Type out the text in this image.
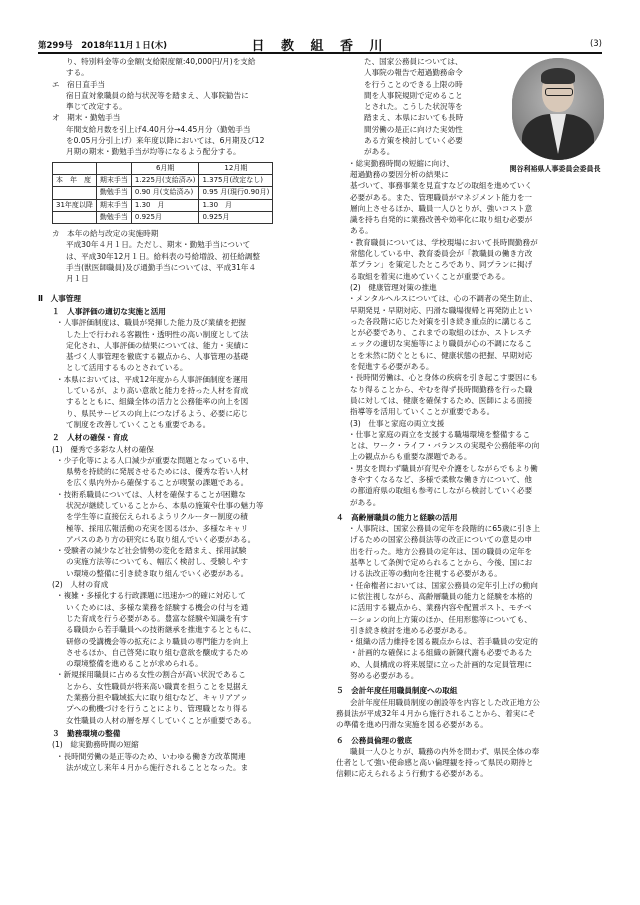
第299号　2018年11月１日(木)	日 教 組 香 川	(3)
り、特別料金等の金額(支給限度額:40,000円/月)を支給
する。
エ　宿日直手当
宿日直対象職員の給与状況等を踏まえ、人事院勧告に
準じて改定する。
オ　期末・勤勉手当
年間支給月数を引上げ4.40月分→4.45月分（勤勉手当
を0.05月分引上げ）来年度以降においては、6月期及び12
月期の期末・勤勉手当が均等になるよう配分する。
		6月期	12月期
本　年　度	期末手当	1.225月(支給済み)	1.375月(改定なし)
	勤勉手当	0.90 月(支給済み)	0.95 月(現行0.90月)
31年度以降	期末手当	1.30　月	1.30　月
	勤勉手当	0.925月	0.925月
カ　本年の給与改定の実施時期
平成30年４月１日。ただし、期末・勤勉手当について
は、平成30年12月１日。給料表の号給増設、初任給調整
手当(獣医師職員)及び通勤手当については、平成31年４
月１日
Ⅱ　人事管理
１　人事評価の適切な実施と活用
・人事評価制度は、職員が発揮した能力及び業績を把握
した上で行われる客観性・透明性の高い制度として法
定化され、人事評価の結果については、能力・実績に
基づく人事管理を徹底する観点から、人事管理の基礎
として活用するものとされている。
・本県においては、平成12年度から人事評価制度を運用
しているが、より高い意欲と能力を持った人材を育成
するとともに、組織全体の活力と公務能率の向上を図
り、県民サービスの向上につなげるよう、必要に応じ
て制度を改善していくことも重要である。
２　人材の確保・育成
(1)　優秀で多彩な人材の確保
・少子化等による人口減少が重要な問題となっている中、
県勢を持続的に発展させるためには、優秀な若い人材
を広く県内外から確保することが喫緊の課題である。
・技術系職員については、人材を確保することが困難な
状況が継続していることから、本県の施策や仕事の魅力等
を学生等に直接伝えられるようリクルーター制度の積
極等、採用広報活動の充実を図るほか、多様なキャリ
アパスのあり方の研究にも取り組んでいく必要がある。
・受験者の減少など社会情勢の変化を踏まえ、採用試験
の実施方法等についても、幅広く検討し、受験しやす
い環境の整備に引き続き取り組んでいく必要がある。
(2)　人材の育成
・複雑・多様化する行政課題に迅速かつ的確に対応して
いくためには、多様な業務を経験する機会の付与を通
じた育成を行う必要がある。豊富な経験や知識を有す
る職員から若手職員への技術継承を推進するとともに、
研修の受講機会等の拡充により職員の専門能力を向上
させるほか、自己啓発に取り組む意欲を醸成するため
の環境整備を進めることが求められる。
・新規採用職員に占める女性の割合が高い状況であるこ
とから、女性職員が将来高い職責を担うことを見据え
た業務分担や職域拡大に取り組むなど、キャリアアッ
プへの動機づけを行うことにより、管理職となり得る
女性職員の人材の層を厚くしていくことが重要である。
３　勤務環境の整備
(1)　総実勤務時間の短縮
・長時間労働の是正等のため、いわゆる働き方改革関連
法が成立し来年４月から施行されることとなった。ま
関谷利裕県人事委員会委員長
た、国家公務員については、
人事院の報告で超過勤務命令
を行うことのできる上限の時
間を人事院規則で定めること
とされた。こうした状況等を
踏まえ、本県においても長時
間労働の是正に向けた実効性
ある方策を検討していく必要
がある。
・総実勤務時間の短縮に向け、
超過勤務の要因分析の結果に
基づいて、事務事業を見直すなどの取組を進めていく
必要がある。また、管理職員がマネジメント能力を一
層向上させるほか、職員一人ひとりが、強いコスト意
識を持ち自発的に業務改善や効率化に取り組む必要が
ある。
・教育職員については、学校現場において長時間勤務が
常態化している中、教育委員会が「教職員の働き方改
革プラン」を策定したところであり、同プランに掲げ
る取組を着実に進めていくことが重要である。
(2)　健康管理対策の推進
・メンタルヘルスについては、心の不調者の発生防止、
早期発見・早期対応、円滑な職場復帰と再発防止とい
った各段階に応じた対策を引き続き重点的に講じるこ
とが必要であり、これまでの取組のほか、ストレスチ
ェックの適切な実施等により職員が心の不調になるこ
とを未然に防ぐとともに、健康状態の把握、早期対応
を促進する必要がある。
・長時間労働は、心と身体の疾病を引き起こす要因にも
なり得ることから、やむを得ず長時間勤務を行った職
員に対しては、健康を確保するため、医師による面接
指導等を活用していくことが重要である。
(3)　仕事と家庭の両立支援
・仕事と家庭の両立を支援する職場環境を整備するこ
とは、ワーク・ライフ・バランスの実現や公務能率の向
上の観点からも重要な課題である。
・男女を問わず職員が育児や介護をしながらでもより働
きやすくなるなど、多様で柔軟な働き方について、他
の都道府県の取組も参考にしながら検討していく必要
がある。
４　高齢層職員の能力と経験の活用
・人事院は、国家公務員の定年を段階的に65歳に引き上
げるための国家公務員法等の改正についての意見の申
出を行った。地方公務員の定年は、国の職員の定年を
基準として条例で定められることから、今後、国にお
ける法改正等の動向を注視する必要がある。
・任命権者においては、国家公務員の定年引上げの動向
に依注視しながら、高齢層職員の能力と経験を本格的
に活用する観点から、業務内容や配置ポスト、モチベ
ーションの向上方策のほか、任用形態等についても、
引き続き検討を進める必要がある。
・組織の活力維持を図る観点からは、若手職員の安定的
・計画的な確保による組織の新陳代謝も必要であるた
め、人員構成の将来展望に立った計画的な定員管理に
努める必要がある。
５　会計年度任用職員制度への取組
会計年度任用職員制度の創設等を内容とした改正地方公
務員法が平成32年４月から施行されることから、着実にそ
の準備を進め円滑な実施を図る必要がある。
６　公務員倫理の徹底
職員一人ひとりが、職務の内外を問わず、県民全体の奉
仕者として強い使命感と高い倫理観を持って県民の期待と
信頼に応えられるよう行動する必要がある。
